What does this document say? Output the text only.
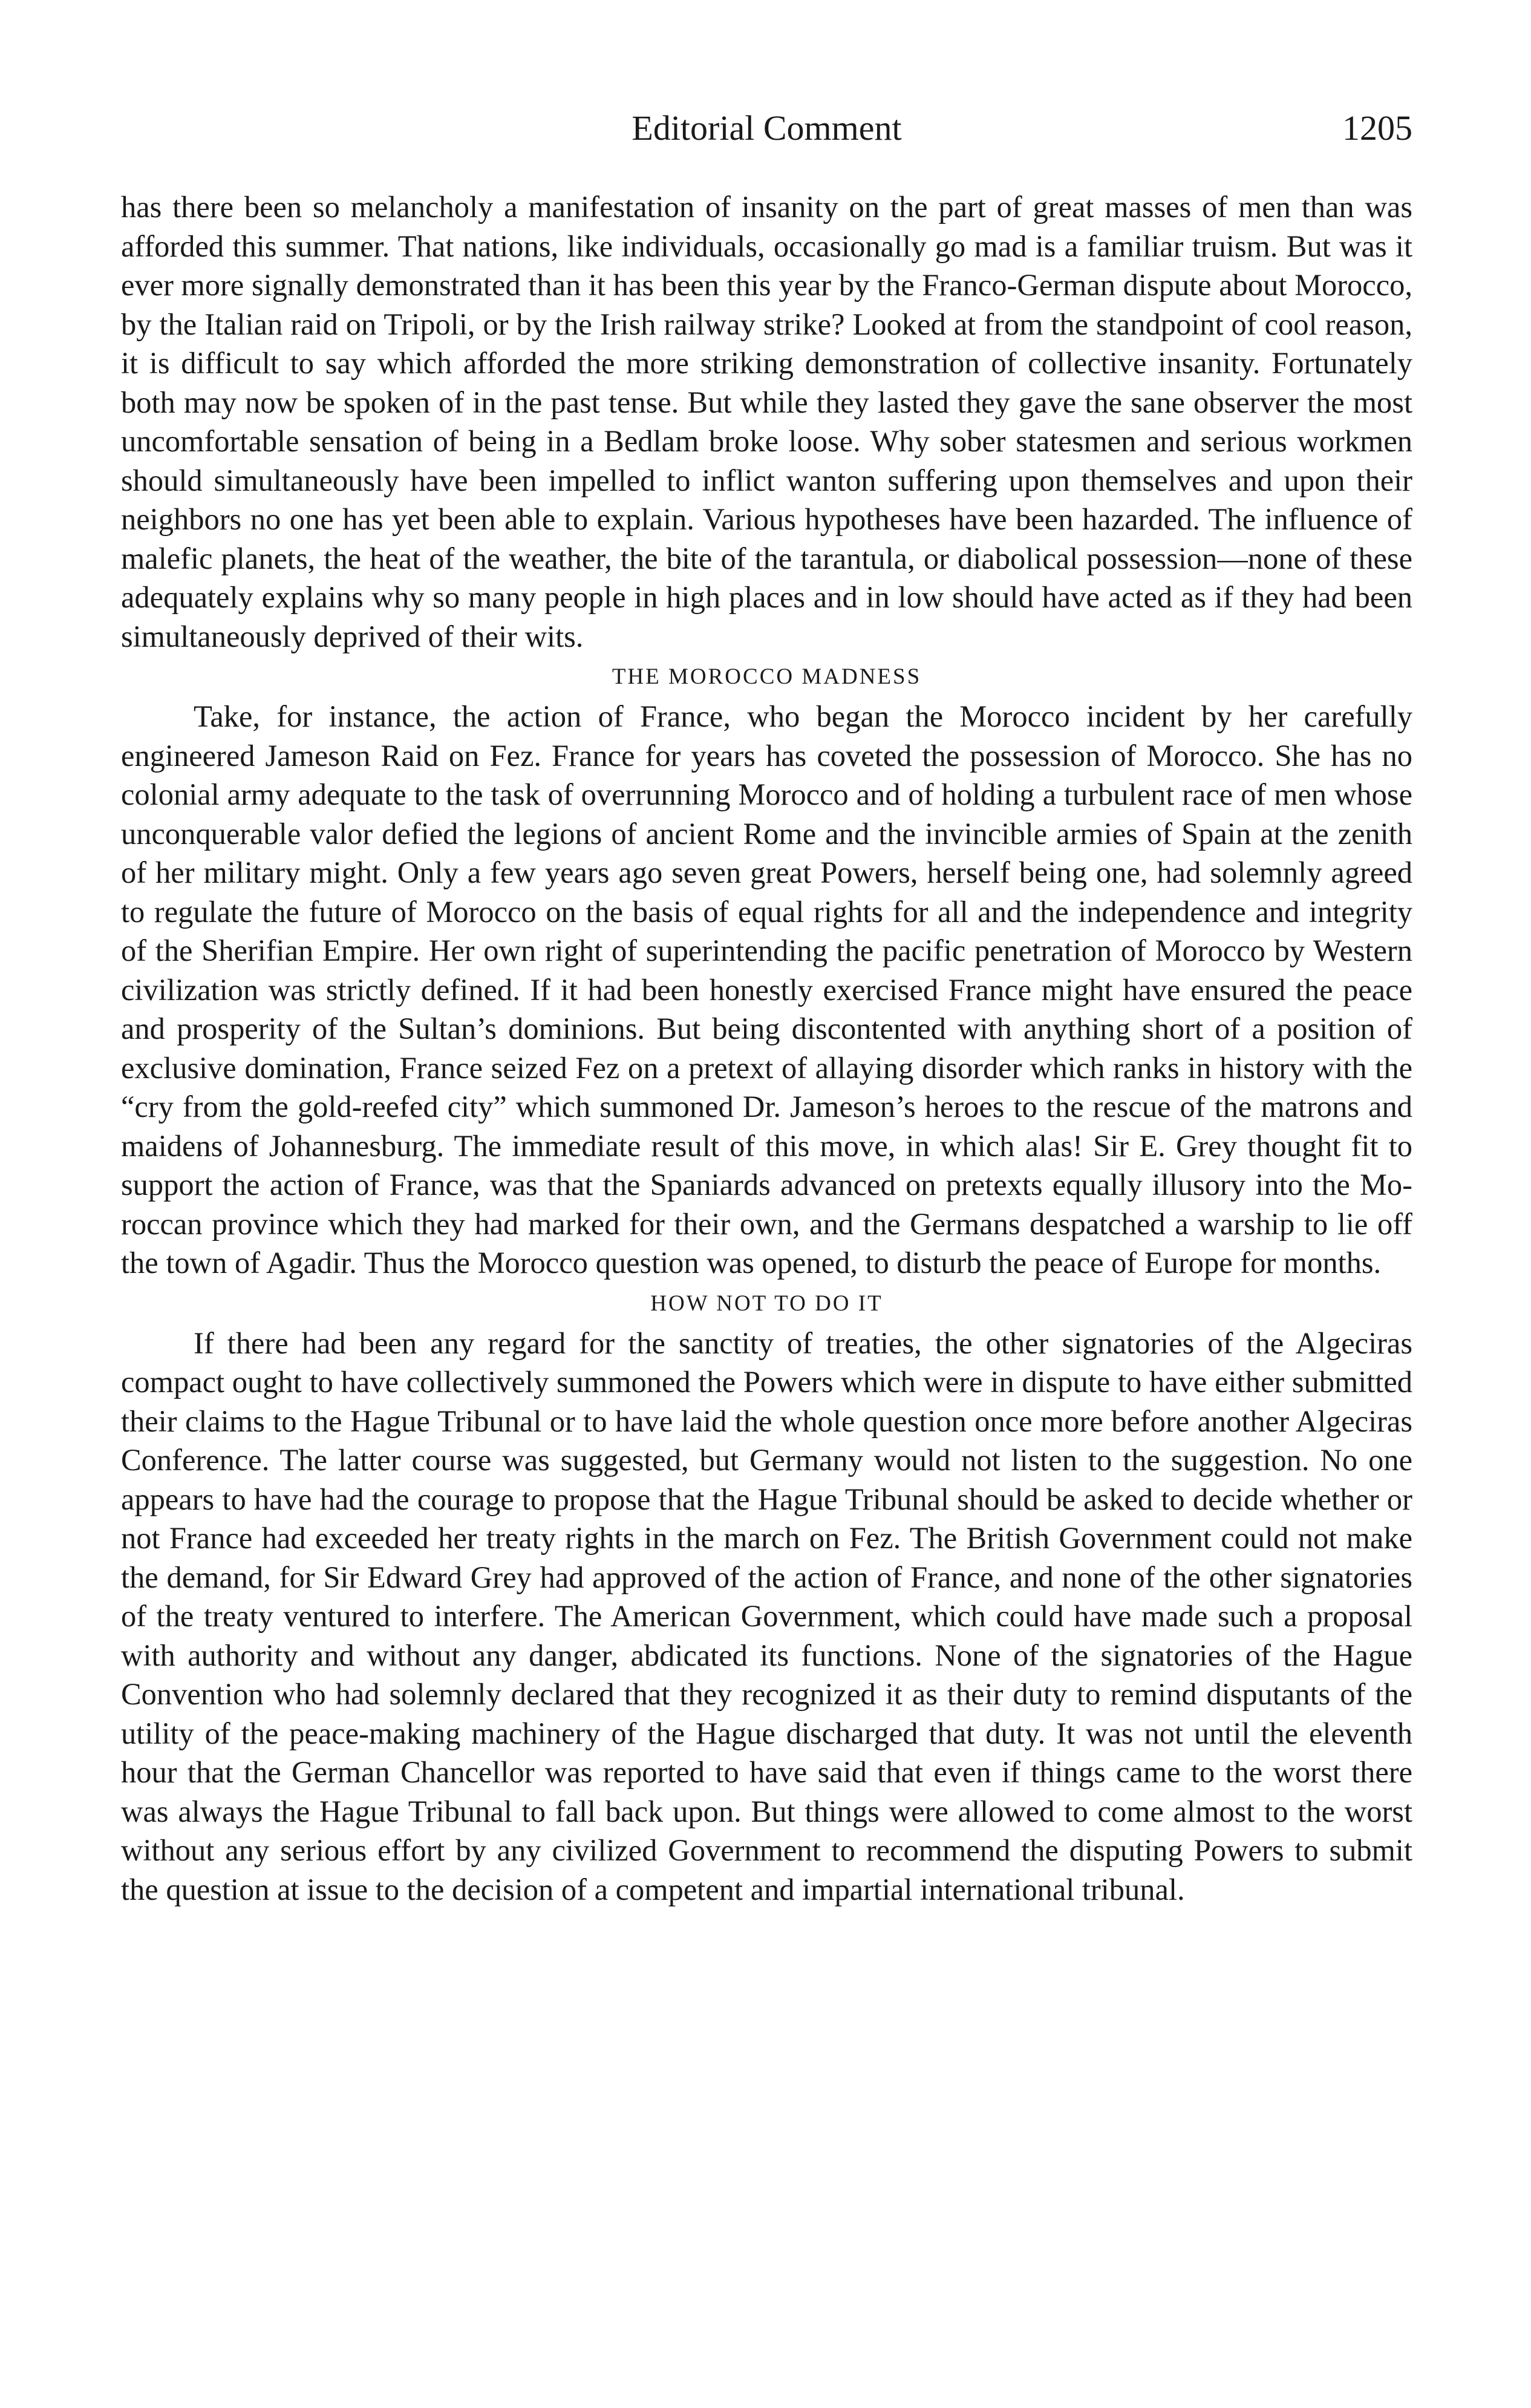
Editorial Comment	1205

has there been so melancholy a manifestation of insanity on the part of great masses of men than was afforded this summer. That nations, like individuals, occasionally go mad is a familiar truism. But was it ever more signally demonstrated than it has been this year by the Franco-German dispute about Morocco, by the Italian raid on Tripoli, or by the Irish railway strike? Looked at from the standpoint of cool reason, it is difficult to say which afforded the more striking demonstration of collective insanity. Fortunately both may now be spoken of in the past tense. But while they lasted they gave the sane observer the most uncomfortable sensation of being in a Bedlam broke loose. Why sober statesmen and serious workmen should simultaneously have been impelled to inflict wanton suffering upon themselves and upon their neighbors no one has yet been able to explain. Various hypotheses have been hazarded. The influence of malefic planets, the heat of the weather, the bite of the tarantula, or diabolical possession—none of these adequately explains why so many people in high places and in low should have acted as if they had been simultaneously deprived of their wits.

THE MOROCCO MADNESS

Take, for instance, the action of France, who began the Morocco incident by her carefully engineered Jameson Raid on Fez. France for years has coveted the possession of Morocco. She has no colonial army adequate to the task of overrunning Morocco and of holding a turbulent race of men whose unconquerable valor defied the legions of ancient Rome and the invincible armies of Spain at the zenith of her military might. Only a few years ago seven great Powers, herself being one, had solemnly agreed to regulate the future of Morocco on the basis of equal rights for all and the independence and integrity of the Sherifian Empire. Her own right of superintending the pacific penetration of Morocco by Western civilization was strictly defined. If it had been honestly exercised France might have ensured the peace and prosperity of the Sultan’s dominions. But being discontented with anything short of a position of exclusive domination, France seized Fez on a pretext of allaying disorder which ranks in history with the “cry from the gold-reefed city” which summoned Dr. Jameson’s heroes to the rescue of the matrons and maidens of Johannesburg. The immediate result of this move, in which alas! Sir E. Grey thought fit to support the action of France, was that the Spaniards advanced on pretexts equally illusory into the Moroccan province which they had marked for their own, and the Germans despatched a warship to lie off the town of Agadir. Thus the Morocco question was opened, to disturb the peace of Europe for months.

HOW NOT TO DO IT

If there had been any regard for the sanctity of treaties, the other signatories of the Algeciras compact ought to have collectively summoned the Powers which were in dispute to have either submitted their claims to the Hague Tribunal or to have laid the whole question once more before another Algeciras Conference. The latter course was suggested, but Germany would not listen to the suggestion. No one appears to have had the courage to propose that the Hague Tribunal should be asked to decide whether or not France had exceeded her treaty rights in the march on Fez. The British Government could not make the demand, for Sir Edward Grey had approved of the action of France, and none of the other signatories of the treaty ventured to interfere. The American Government, which could have made such a proposal with authority and without any danger, abdicated its functions. None of the signatories of the Hague Convention who had solemnly declared that they recognized it as their duty to remind disputants of the utility of the peace-making machinery of the Hague discharged that duty. It was not until the eleventh hour that the German Chancellor was reported to have said that even if things came to the worst there was always the Hague Tribunal to fall back upon. But things were allowed to come almost to the worst without any serious effort by any civilized Government to recommend the disputing Powers to submit the question at issue to the decision of a competent and impartial international tribunal.
